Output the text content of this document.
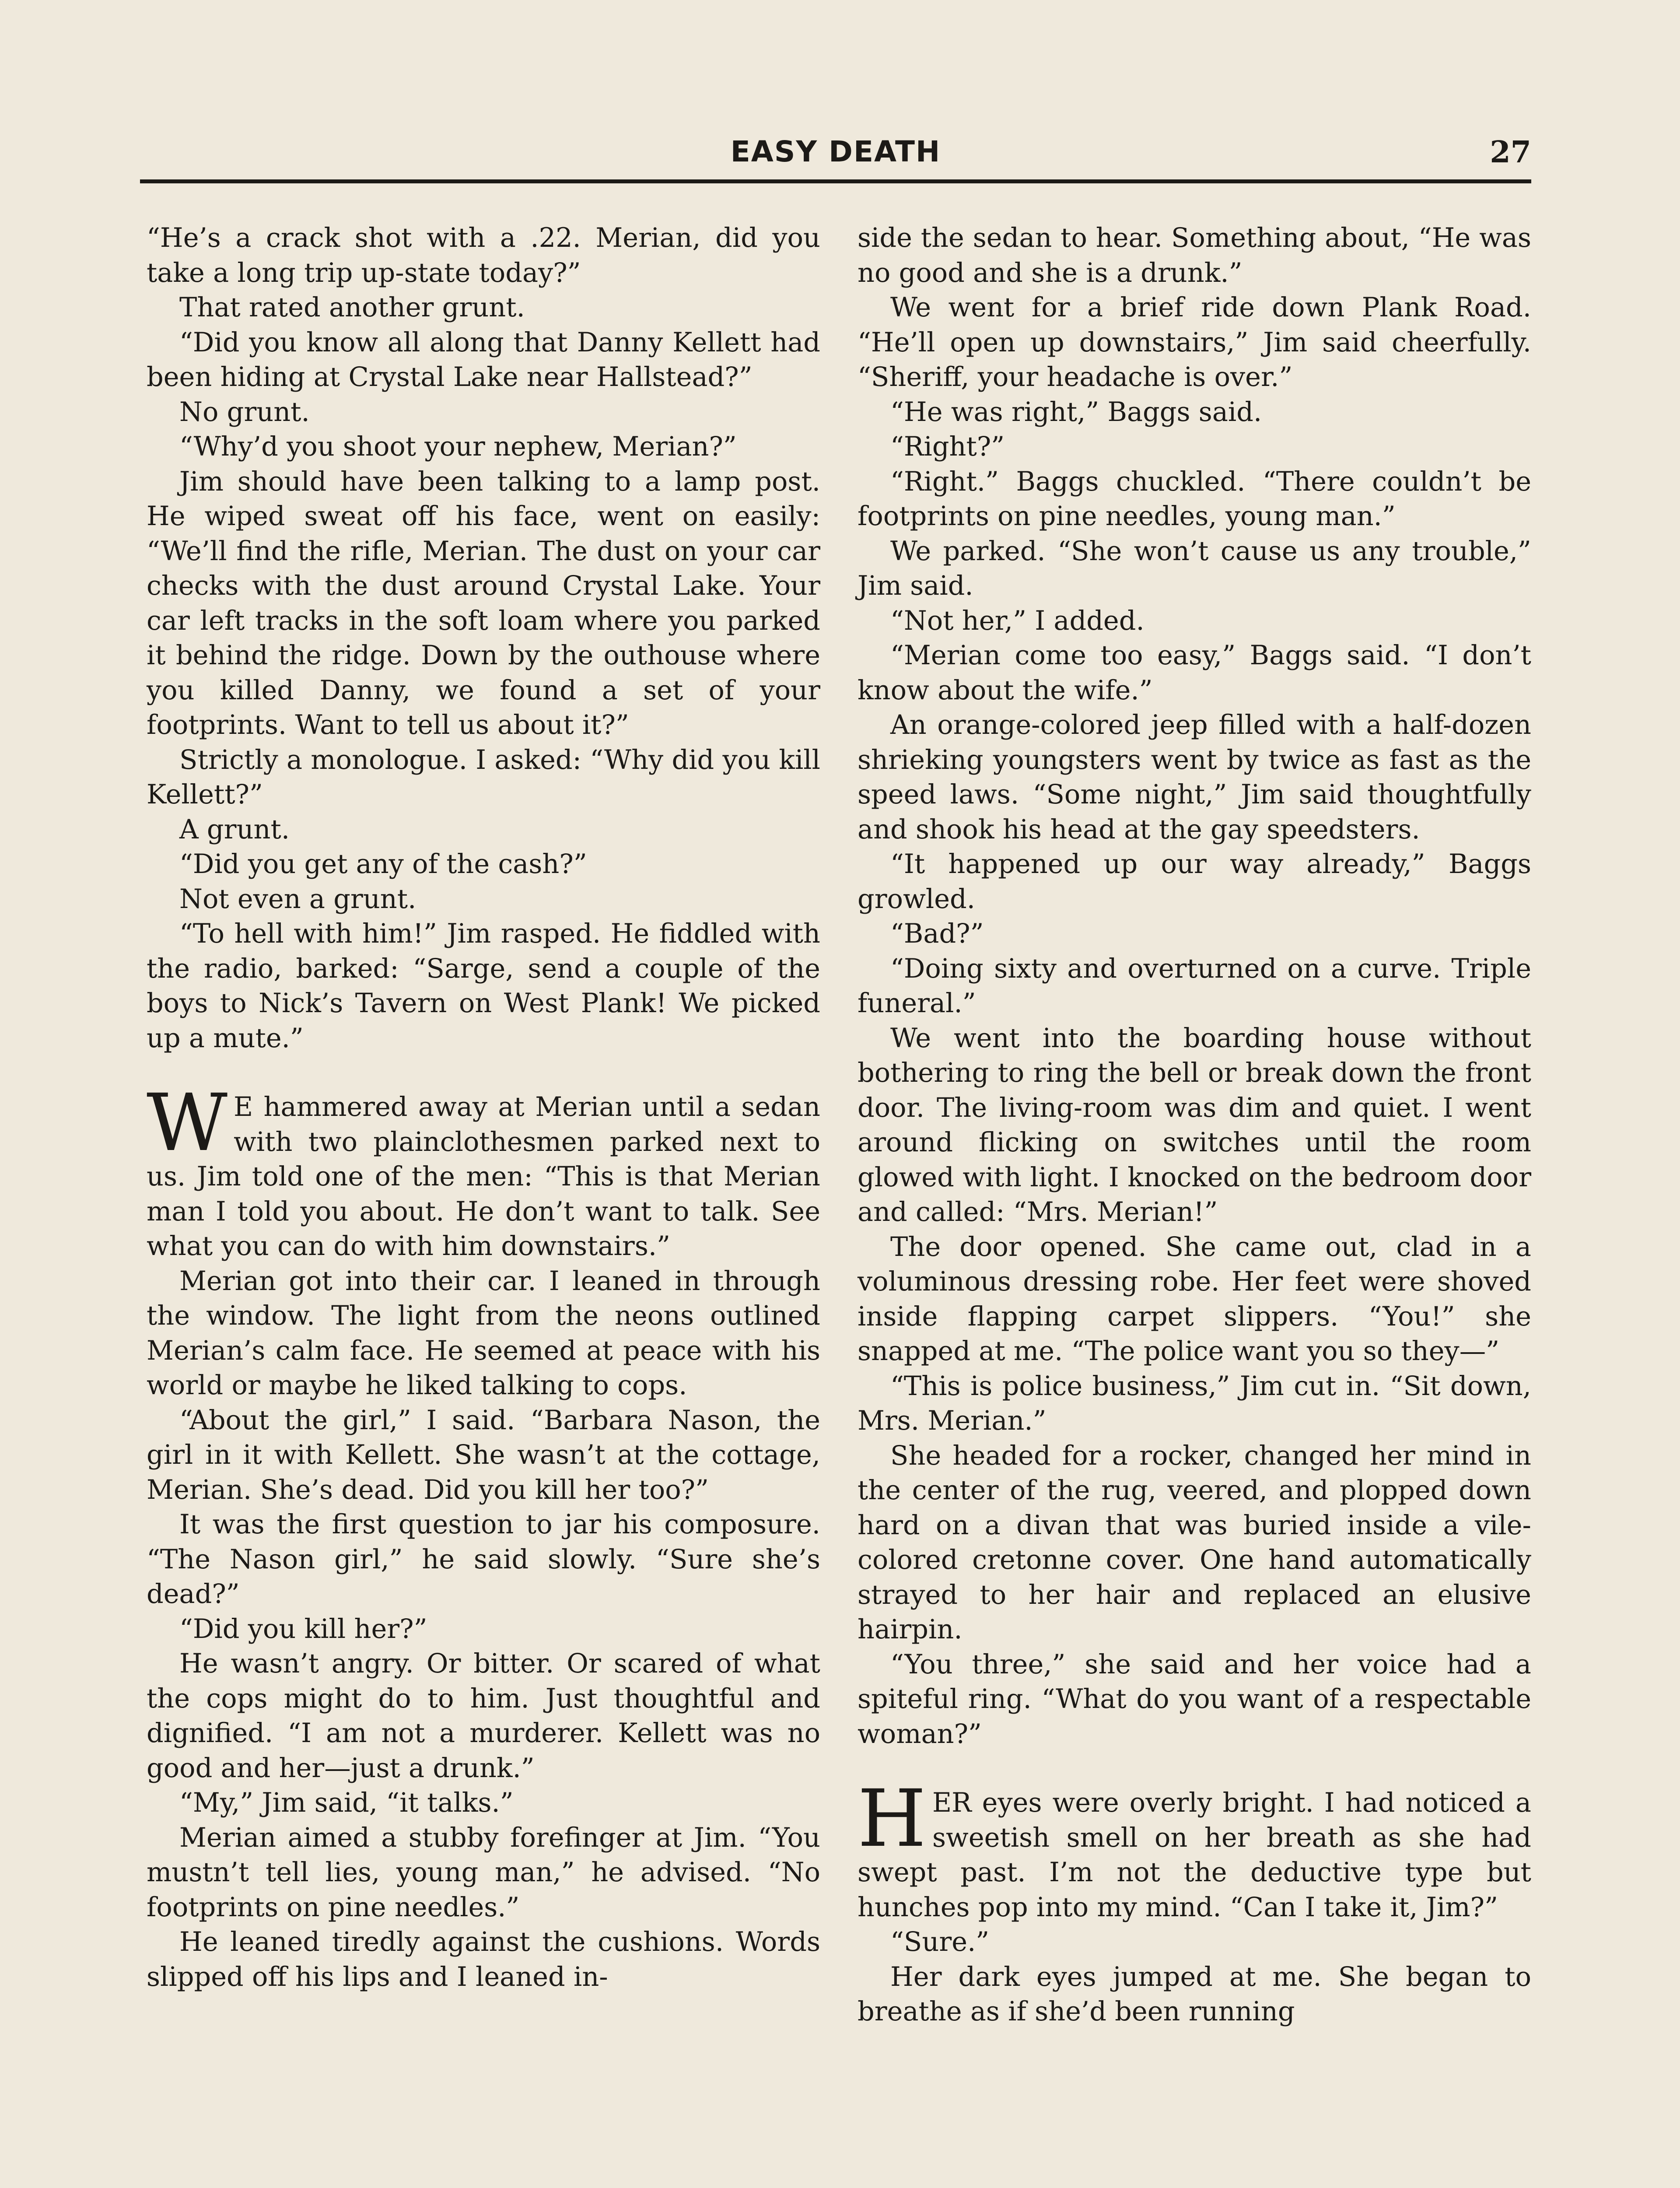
EASY DEATH	27

“He’s a crack shot with a .22. Merian, did you take a long trip up-state today?”

That rated another grunt.

“Did you know all along that Danny Kellett had been hiding at Crystal Lake near Hallstead?”

No grunt.

“Why’d you shoot your nephew, Merian?”

Jim should have been talking to a lamp post. He wiped sweat off his face, went on easily: “We’ll find the rifle, Merian. The dust on your car checks with the dust around Crystal Lake. Your car left tracks in the soft loam where you parked it behind the ridge. Down by the outhouse where you killed Danny, we found a set of your footprints. Want to tell us about it?”

Strictly a monologue. I asked: “Why did you kill Kellett?”

A grunt.

“Did you get any of the cash?”

Not even a grunt.

“To hell with him!” Jim rasped. He fiddled with the radio, barked: “Sarge, send a couple of the boys to Nick’s Tavern on West Plank! We picked up a mute.”

W E hammered away at Merian until a sedan with two plainclothesmen parked next to us. Jim told one of the men: “This is that Merian man I told you about. He don’t want to talk. See what you can do with him downstairs.”

Merian got into their car. I leaned in through the window. The light from the neons outlined Merian’s calm face. He seemed at peace with his world or maybe he liked talking to cops.

“About the girl,” I said. “Barbara Nason, the girl in it with Kellett. She wasn’t at the cottage, Merian. She’s dead. Did you kill her too?”

It was the first question to jar his composure. “The Nason girl,” he said slowly. “Sure she’s dead?”

“Did you kill her?”

He wasn’t angry. Or bitter. Or scared of what the cops might do to him. Just thoughtful and dignified. “I am not a murderer. Kellett was no good and her—just a drunk.”

“My,” Jim said, “it talks.”

Merian aimed a stubby forefinger at Jim. “You mustn’t tell lies, young man,” he advised. “No footprints on pine needles.”

He leaned tiredly against the cushions. Words slipped off his lips and I leaned in-

side the sedan to hear. Something about, “He was no good and she is a drunk.”

We went for a brief ride down Plank Road. “He’ll open up downstairs,” Jim said cheerfully. “Sheriff, your headache is over.”

“He was right,” Baggs said.

“Right?”

“Right.” Baggs chuckled. “There couldn’t be footprints on pine needles, young man.”

We parked. “She won’t cause us any trouble,” Jim said.

“Not her,” I added.

“Merian come too easy,” Baggs said. “I don’t know about the wife.”

An orange-colored jeep filled with a half-dozen shrieking youngsters went by twice as fast as the speed laws. “Some night,” Jim said thoughtfully and shook his head at the gay speedsters.

“It happened up our way already,” Baggs growled.

“Bad?”

“Doing sixty and overturned on a curve. Triple funeral.”

We went into the boarding house without bothering to ring the bell or break down the front door. The living-room was dim and quiet. I went around flicking on switches until the room glowed with light. I knocked on the bedroom door and called: “Mrs. Merian!”

The door opened. She came out, clad in a voluminous dressing robe. Her feet were shoved inside flapping carpet slippers. “You!” she snapped at me. “The police want you so they—”

“This is police business,” Jim cut in. “Sit down, Mrs. Merian.”

She headed for a rocker, changed her mind in the center of the rug, veered, and plopped down hard on a divan that was buried inside a vile-colored cretonne cover. One hand automatically strayed to her hair and replaced an elusive hairpin.

“You three,” she said and her voice had a spiteful ring. “What do you want of a respectable woman?”

HER eyes were overly bright. I had noticed a sweetish smell on her breath as she had swept past. I’m not the deductive type but hunches pop into my mind. “Can I take it, Jim?”

“Sure.”

Her dark eyes jumped at me. She began to breathe as if she’d been running
